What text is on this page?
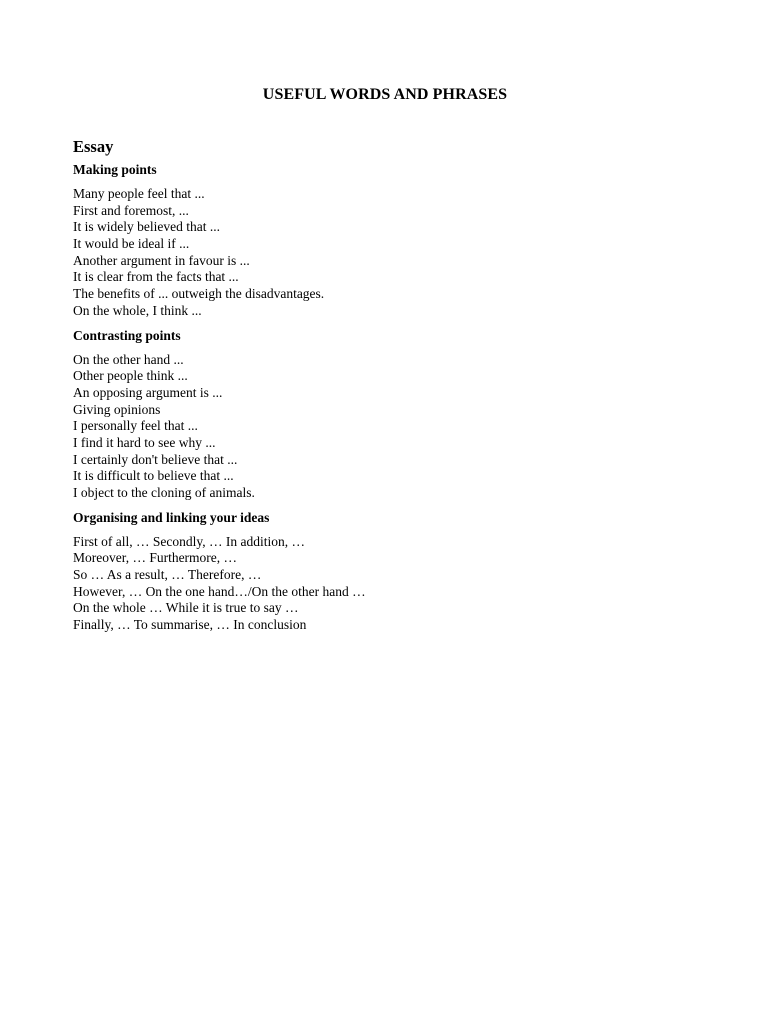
USEFUL WORDS AND PHRASES
Essay
Making points
Many people feel that ...
First and foremost, ...
It is widely believed that ...
It would be ideal if ...
Another argument in favour is ...
It is clear from the facts that ...
The benefits of ... outweigh the disadvantages.
On the whole, I think ...
Contrasting points
On the other hand ...
Other people think ...
An opposing argument is ...
Giving opinions
I personally feel that ...
I find it hard to see why ...
I certainly don't believe that ...
It is difficult to believe that ...
I object to the cloning of animals.
Organising and linking your ideas
First of all, … Secondly, … In addition, …
Moreover, … Furthermore, …
So … As a result, … Therefore, …
However, … On the one hand…/On the other hand …
On the whole … While it is true to say …
Finally, … To summarise, … In conclusion
